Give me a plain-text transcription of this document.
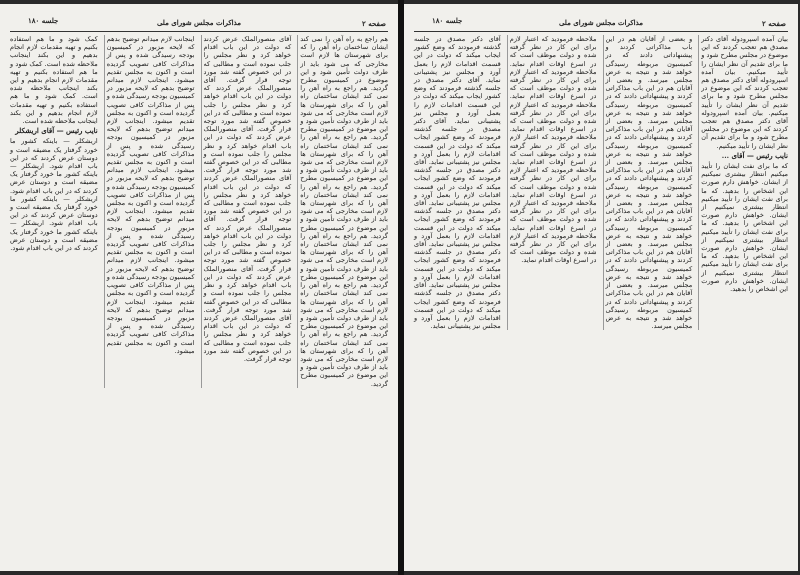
صفحه ۲
مذاکرات مجلس شورای ملی
جلسه ۱۸۰
هم راجع به راه آهن را نمی کند ایشان ساختمان راه آهن را که برای شهرستان ها لازم است مخارجی که می شود باید از طرف دولت تأمین شود و این موضوع در کمیسیون مطرح گردید. هم راجع به راه آهن را نمی کند ایشان ساختمان راه آهن را که برای شهرستان ها لازم است مخارجی که می شود باید از طرف دولت تأمین شود و این موضوع در کمیسیون مطرح گردید. هم راجع به راه آهن را نمی کند ایشان ساختمان راه آهن را که برای شهرستان ها لازم است مخارجی که می شود باید از طرف دولت تأمین شود و این موضوع در کمیسیون مطرح گردید. هم راجع به راه آهن را نمی کند ایشان ساختمان راه آهن را که برای شهرستان ها لازم است مخارجی که می شود باید از طرف دولت تأمین شود و این موضوع در کمیسیون مطرح گردید. هم راجع به راه آهن را نمی کند ایشان ساختمان راه آهن را که برای شهرستان ها لازم است مخارجی که می شود باید از طرف دولت تأمین شود و این موضوع در کمیسیون مطرح گردید. هم راجع به راه آهن را نمی کند ایشان ساختمان راه آهن را که برای شهرستان ها لازم است مخارجی که می شود باید از طرف دولت تأمین شود و این موضوع در کمیسیون مطرح گردید. هم راجع به راه آهن را نمی کند ایشان ساختمان راه آهن را که برای شهرستان ها لازم است مخارجی که می شود باید از طرف دولت تأمین شود و این موضوع در کمیسیون مطرح گردید.
آقای منصورالملک عرض کردند که دولت در این باب اقدام خواهد کرد و نظر مجلس را جلب نموده است و مطالبی که در این خصوص گفته شد مورد توجه قرار گرفت. آقای منصورالملک عرض کردند که دولت در این باب اقدام خواهد کرد و نظر مجلس را جلب نموده است و مطالبی که در این خصوص گفته شد مورد توجه قرار گرفت. آقای منصورالملک عرض کردند که دولت در این باب اقدام خواهد کرد و نظر مجلس را جلب نموده است و مطالبی که در این خصوص گفته شد مورد توجه قرار گرفت. آقای منصورالملک عرض کردند که دولت در این باب اقدام خواهد کرد و نظر مجلس را جلب نموده است و مطالبی که در این خصوص گفته شد مورد توجه قرار گرفت. آقای منصورالملک عرض کردند که دولت در این باب اقدام خواهد کرد و نظر مجلس را جلب نموده است و مطالبی که در این خصوص گفته شد مورد توجه قرار گرفت. آقای منصورالملک عرض کردند که دولت در این باب اقدام خواهد کرد و نظر مجلس را جلب نموده است و مطالبی که در این خصوص گفته شد مورد توجه قرار گرفت. آقای منصورالملک عرض کردند که دولت در این باب اقدام خواهد کرد و نظر مجلس را جلب نموده است و مطالبی که در این خصوص گفته شد مورد توجه قرار گرفت.
اینجانب لازم میدانم توضیح بدهم که لایحه مزبور در کمیسیون بودجه رسیدگی شده و پس از مذاکرات کافی تصویب گردیده است و اکنون به مجلس تقدیم میشود. اینجانب لازم میدانم توضیح بدهم که لایحه مزبور در کمیسیون بودجه رسیدگی شده و پس از مذاکرات کافی تصویب گردیده است و اکنون به مجلس تقدیم میشود. اینجانب لازم میدانم توضیح بدهم که لایحه مزبور در کمیسیون بودجه رسیدگی شده و پس از مذاکرات کافی تصویب گردیده است و اکنون به مجلس تقدیم میشود. اینجانب لازم میدانم توضیح بدهم که لایحه مزبور در کمیسیون بودجه رسیدگی شده و پس از مذاکرات کافی تصویب گردیده است و اکنون به مجلس تقدیم میشود. اینجانب لازم میدانم توضیح بدهم که لایحه مزبور در کمیسیون بودجه رسیدگی شده و پس از مذاکرات کافی تصویب گردیده است و اکنون به مجلس تقدیم میشود. اینجانب لازم میدانم توضیح بدهم که لایحه مزبور در کمیسیون بودجه رسیدگی شده و پس از مذاکرات کافی تصویب گردیده است و اکنون به مجلس تقدیم میشود. اینجانب لازم میدانم توضیح بدهم که لایحه مزبور در کمیسیون بودجه رسیدگی شده و پس از مذاکرات کافی تصویب گردیده است و اکنون به مجلس تقدیم میشود.
کمک شود و ما هم استفاده بکنیم و تهیه مقدمات لازم انجام بدهیم و این بکند اینجانب ملاحظه شده است. کمک شود و ما هم استفاده بکنیم و تهیه مقدمات لازم انجام بدهیم و این بکند اینجانب ملاحظه شده است. کمک شود و ما هم استفاده بکنیم و تهیه مقدمات لازم انجام بدهیم و این بکند اینجانب ملاحظه شده است.
نایب رئیس — آقای اریشکلر
اریشکلر — باینکه کشور ما خورد گرفتار یک مضیقه است و دوستان عرض کردند که در این باب اقدام شود. اریشکلر — باینکه کشور ما خورد گرفتار یک مضیقه است و دوستان عرض کردند که در این باب اقدام شود. اریشکلر — باینکه کشور ما خورد گرفتار یک مضیقه است و دوستان عرض کردند که در این باب اقدام شود. اریشکلر — باینکه کشور ما خورد گرفتار یک مضیقه است و دوستان عرض کردند که در این باب اقدام شود.
صفحه ۲
مذاکرات مجلس شورای ملی
جلسه ۱۸۰
بیان آمده اسپرودوله آقای دکتر مصدق هم تعجب کردند که این موضوع در مجلس مطرح شود و ما برای تقدیم آن نظر ایشان را تأیید میکنیم. بیان آمده اسپرودوله آقای دکتر مصدق هم تعجب کردند که این موضوع در مجلس مطرح شود و ما برای تقدیم آن نظر ایشان را تأیید میکنیم. بیان آمده اسپرودوله آقای دکتر مصدق هم تعجب کردند که این موضوع در مجلس مطرح شود و ما برای تقدیم آن نظر ایشان را تأیید میکنیم.
نایب رئیس — آقای ...
که ما برای نفت ایشان را تأیید میکنیم انتظار بیشتری نمیکنیم از ایشان. خواهش دارم صورت این اشخاص را بدهید. که ما برای نفت ایشان را تأیید میکنیم انتظار بیشتری نمیکنیم از ایشان. خواهش دارم صورت این اشخاص را بدهید. که ما برای نفت ایشان را تأیید میکنیم انتظار بیشتری نمیکنیم از ایشان. خواهش دارم صورت این اشخاص را بدهید. که ما برای نفت ایشان را تأیید میکنیم انتظار بیشتری نمیکنیم از ایشان. خواهش دارم صورت این اشخاص را بدهید.
و بعضی از آقایان هم در این باب مذاکراتی کردند و پیشنهاداتی دادند که در کمیسیون مربوطه رسیدگی خواهد شد و نتیجه به عرض مجلس میرسد. و بعضی از آقایان هم در این باب مذاکراتی کردند و پیشنهاداتی دادند که در کمیسیون مربوطه رسیدگی خواهد شد و نتیجه به عرض مجلس میرسد. و بعضی از آقایان هم در این باب مذاکراتی کردند و پیشنهاداتی دادند که در کمیسیون مربوطه رسیدگی خواهد شد و نتیجه به عرض مجلس میرسد. و بعضی از آقایان هم در این باب مذاکراتی کردند و پیشنهاداتی دادند که در کمیسیون مربوطه رسیدگی خواهد شد و نتیجه به عرض مجلس میرسد. و بعضی از آقایان هم در این باب مذاکراتی کردند و پیشنهاداتی دادند که در کمیسیون مربوطه رسیدگی خواهد شد و نتیجه به عرض مجلس میرسد. و بعضی از آقایان هم در این باب مذاکراتی کردند و پیشنهاداتی دادند که در کمیسیون مربوطه رسیدگی خواهد شد و نتیجه به عرض مجلس میرسد. و بعضی از آقایان هم در این باب مذاکراتی کردند و پیشنهاداتی دادند که در کمیسیون مربوطه رسیدگی خواهد شد و نتیجه به عرض مجلس میرسد.
ملاحظه فرمودید که اعتبار لازم برای این کار در نظر گرفته شده و دولت موظف است که در اسرع اوقات اقدام نماید. ملاحظه فرمودید که اعتبار لازم برای این کار در نظر گرفته شده و دولت موظف است که در اسرع اوقات اقدام نماید. ملاحظه فرمودید که اعتبار لازم برای این کار در نظر گرفته شده و دولت موظف است که در اسرع اوقات اقدام نماید. ملاحظه فرمودید که اعتبار لازم برای این کار در نظر گرفته شده و دولت موظف است که در اسرع اوقات اقدام نماید. ملاحظه فرمودید که اعتبار لازم برای این کار در نظر گرفته شده و دولت موظف است که در اسرع اوقات اقدام نماید. ملاحظه فرمودید که اعتبار لازم برای این کار در نظر گرفته شده و دولت موظف است که در اسرع اوقات اقدام نماید. ملاحظه فرمودید که اعتبار لازم برای این کار در نظر گرفته شده و دولت موظف است که در اسرع اوقات اقدام نماید.
آقای دکتر مصدق در جلسه گذشته فرمودند که وضع کشور ایجاب میکند که دولت در این قسمت اقدامات لازم را بعمل آورد و مجلس نیز پشتیبانی نماید. آقای دکتر مصدق در جلسه گذشته فرمودند که وضع کشور ایجاب میکند که دولت در این قسمت اقدامات لازم را بعمل آورد و مجلس نیز پشتیبانی نماید. آقای دکتر مصدق در جلسه گذشته فرمودند که وضع کشور ایجاب میکند که دولت در این قسمت اقدامات لازم را بعمل آورد و مجلس نیز پشتیبانی نماید. آقای دکتر مصدق در جلسه گذشته فرمودند که وضع کشور ایجاب میکند که دولت در این قسمت اقدامات لازم را بعمل آورد و مجلس نیز پشتیبانی نماید. آقای دکتر مصدق در جلسه گذشته فرمودند که وضع کشور ایجاب میکند که دولت در این قسمت اقدامات لازم را بعمل آورد و مجلس نیز پشتیبانی نماید. آقای دکتر مصدق در جلسه گذشته فرمودند که وضع کشور ایجاب میکند که دولت در این قسمت اقدامات لازم را بعمل آورد و مجلس نیز پشتیبانی نماید. آقای دکتر مصدق در جلسه گذشته فرمودند که وضع کشور ایجاب میکند که دولت در این قسمت اقدامات لازم را بعمل آورد و مجلس نیز پشتیبانی نماید.
